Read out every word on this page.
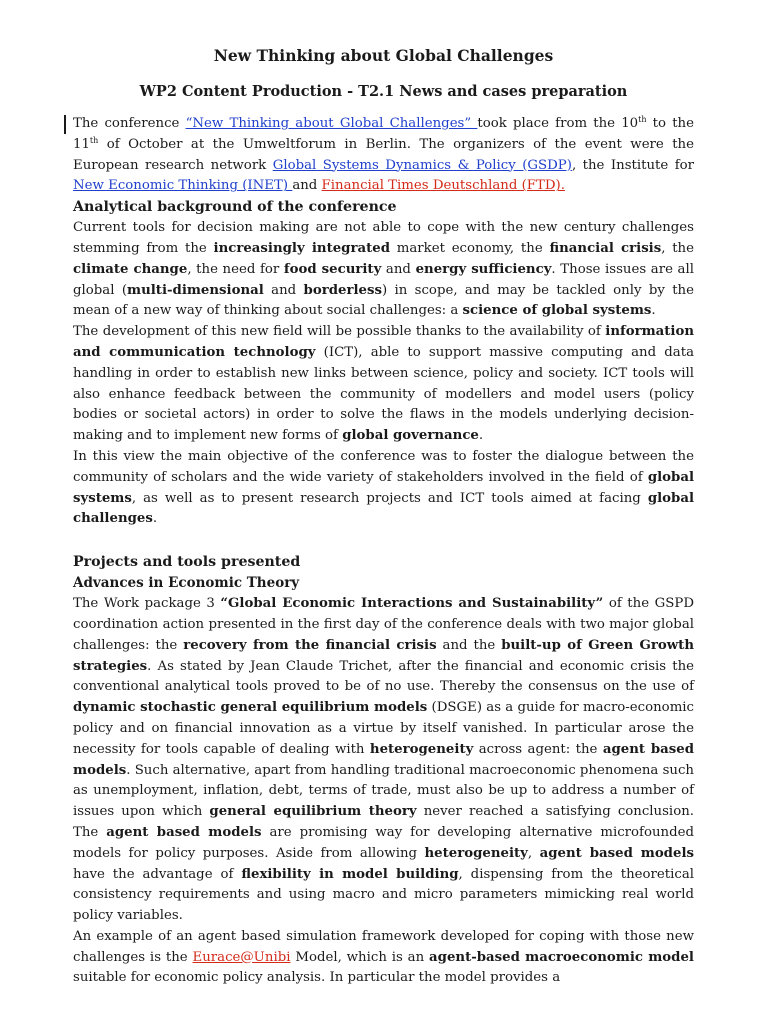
New Thinking about Global Challenges
WP2 Content Production - T2.1 News and cases preparation

The conference “New Thinking about Global Challenges” took place from the 10th to the 11th of October at the Umweltforum in Berlin. The organizers of the event were the European research network Global Systems Dynamics & Policy (GSDP), the Institute for New Economic Thinking (INET) and Financial Times Deutschland (FTD).

Analytical background of the conference

Current tools for decision making are not able to cope with the new century challenges stemming from the increasingly integrated market economy, the financial crisis, the climate change, the need for food security and energy sufficiency. Those issues are all global (multi-dimensional and borderless) in scope, and may be tackled only by the mean of a new way of thinking about social challenges: a science of global systems.

The development of this new field will be possible thanks to the availability of information and communication technology (ICT), able to support massive computing and data handling in order to establish new links between science, policy and society. ICT tools will also enhance feedback between the community of modellers and model users (policy bodies or societal actors) in order to solve the flaws in the models underlying decision-making and to implement new forms of global governance.

In this view the main objective of the conference was to foster the dialogue between the community of scholars and the wide variety of stakeholders involved in the field of global systems, as well as to present research projects and ICT tools aimed at facing global challenges.

Projects and tools presented
Advances in Economic Theory

The Work package 3 “Global Economic Interactions and Sustainability” of the GSPD coordination action presented in the first day of the conference deals with two major global challenges: the recovery from the financial crisis and the built-up of Green Growth strategies. As stated by Jean Claude Trichet, after the financial and economic crisis the conventional analytical tools proved to be of no use. Thereby the consensus on the use of dynamic stochastic general equilibrium models (DSGE) as a guide for macro-economic policy and on financial innovation as a virtue by itself vanished. In particular arose the necessity for tools capable of dealing with heterogeneity across agent: the agent based models. Such alternative, apart from handling traditional macroeconomic phenomena such as unemployment, inflation, debt, terms of trade, must also be up to address a number of issues upon which general equilibrium theory never reached a satisfying conclusion. The agent based models are promising way for developing alternative microfounded models for policy purposes. Aside from allowing heterogeneity, agent based models have the advantage of flexibility in model building, dispensing from the theoretical consistency requirements and using macro and micro parameters mimicking real world policy variables.

An example of an agent based simulation framework developed for coping with those new challenges is the Eurace@Unibi Model, which is an agent-based macroeconomic model suitable for economic policy analysis. In particular the model provides a
